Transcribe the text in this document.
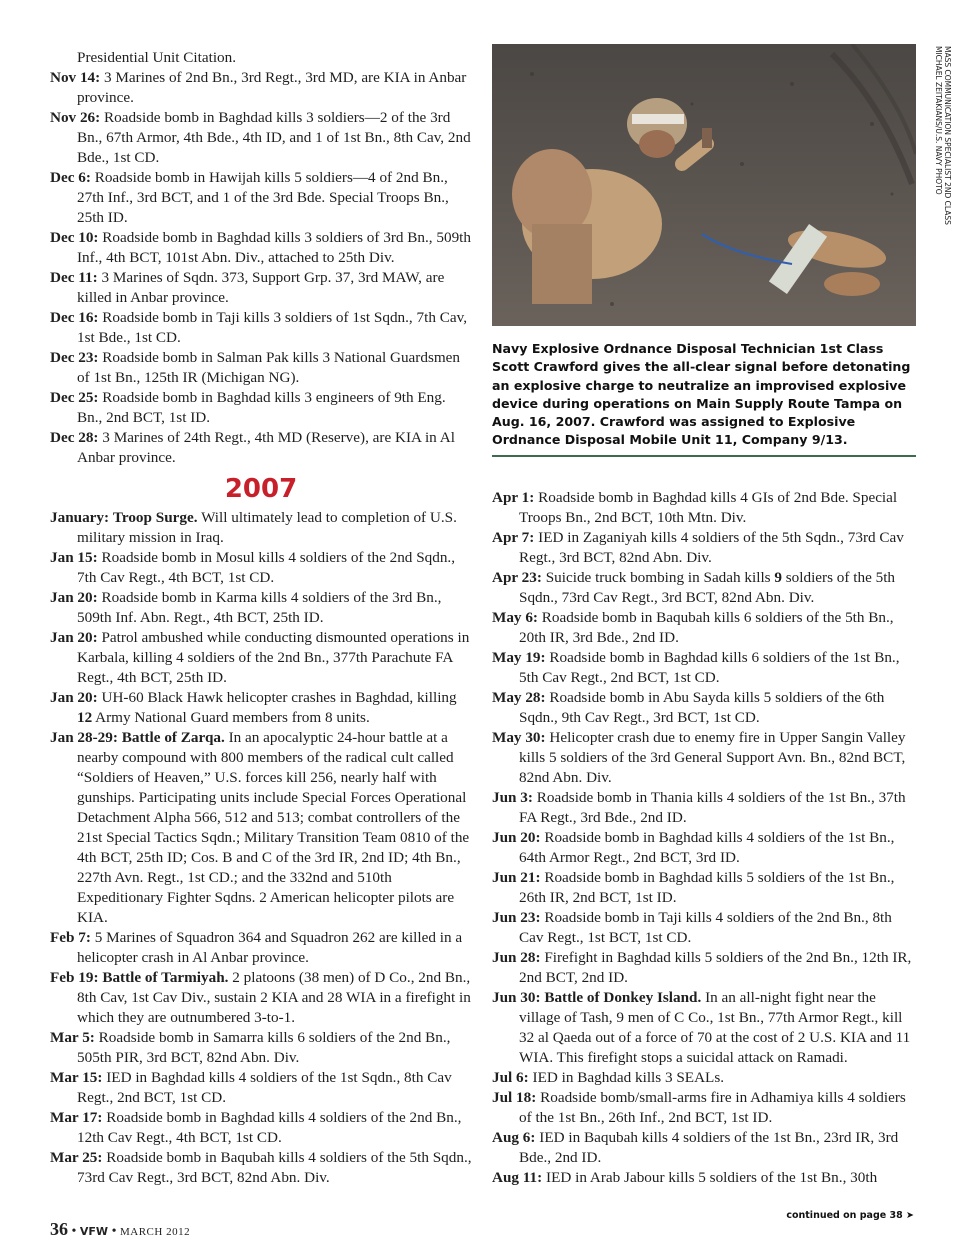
Presidential Unit Citation.
Nov 14: 3 Marines of 2nd Bn., 3rd Regt., 3rd MD, are KIA in Anbar province.
Nov 26: Roadside bomb in Baghdad kills 3 soldiers—2 of the 3rd Bn., 67th Armor, 4th Bde., 4th ID, and 1 of 1st Bn., 8th Cav, 2nd Bde., 1st CD.
Dec 6: Roadside bomb in Hawijah kills 5 soldiers—4 of 2nd Bn., 27th Inf., 3rd BCT, and 1 of the 3rd Bde. Special Troops Bn., 25th ID.
Dec 10: Roadside bomb in Baghdad kills 3 soldiers of 3rd Bn., 509th Inf., 4th BCT, 101st Abn. Div., attached to 25th Div.
Dec 11: 3 Marines of Sqdn. 373, Support Grp. 37, 3rd MAW, are killed in Anbar province.
Dec 16: Roadside bomb in Taji kills 3 soldiers of 1st Sqdn., 7th Cav, 1st Bde., 1st CD.
Dec 23: Roadside bomb in Salman Pak kills 3 National Guardsmen of 1st Bn., 125th IR (Michigan NG).
Dec 25: Roadside bomb in Baghdad kills 3 engineers of 9th Eng. Bn., 2nd BCT, 1st ID.
Dec 28: 3 Marines of 24th Regt., 4th MD (Reserve), are KIA in Al Anbar province.
2007
January: Troop Surge. Will ultimately lead to completion of U.S. military mission in Iraq.
Jan 15: Roadside bomb in Mosul kills 4 soldiers of the 2nd Sqdn., 7th Cav Regt., 4th BCT, 1st CD.
Jan 20: Roadside bomb in Karma kills 4 soldiers of the 3rd Bn., 509th Inf. Abn. Regt., 4th BCT, 25th ID.
Jan 20: Patrol ambushed while conducting dismounted operations in Karbala, killing 4 soldiers of the 2nd Bn., 377th Parachute FA Regt., 4th BCT, 25th ID.
Jan 20: UH-60 Black Hawk helicopter crashes in Baghdad, killing 12 Army National Guard members from 8 units.
Jan 28-29: Battle of Zarqa. In an apocalyptic 24-hour battle at a nearby compound with 800 members of the radical cult called “Soldiers of Heaven,” U.S. forces kill 256, nearly half with gunships. Participating units include Special Forces Operational Detachment Alpha 566, 512 and 513; combat controllers of the 21st Special Tactics Sqdn.; Military Transition Team 0810 of the 4th BCT, 25th ID; Cos. B and C of the 3rd IR, 2nd ID; 4th Bn., 227th Avn. Regt., 1st CD.; and the 332nd and 510th Expeditionary Fighter Sqdns. 2 American helicopter pilots are KIA.
Feb 7: 5 Marines of Squadron 364 and Squadron 262 are killed in a helicopter crash in Al Anbar province.
Feb 19: Battle of Tarmiyah. 2 platoons (38 men) of D Co., 2nd Bn., 8th Cav, 1st Cav Div., sustain 2 KIA and 28 WIA in a firefight in which they are outnumbered 3-to-1.
Mar 5: Roadside bomb in Samarra kills 6 soldiers of the 2nd Bn., 505th PIR, 3rd BCT, 82nd Abn. Div.
Mar 15: IED in Baghdad kills 4 soldiers of the 1st Sqdn., 8th Cav Regt., 2nd BCT, 1st CD.
Mar 17: Roadside bomb in Baghdad kills 4 soldiers of the 2nd Bn., 12th Cav Regt., 4th BCT, 1st CD.
Mar 25: Roadside bomb in Baqubah kills 4 soldiers of the 5th Sqdn., 73rd Cav Regt., 3rd BCT, 82nd Abn. Div.
MASS COMMUNICATION SPECIALIST 2ND CLASS
MICHAEL ZEITAKIANS/U.S. NAVY PHOTO
Navy Explosive Ordnance Disposal Technician 1st Class Scott Crawford gives the all-clear signal before detonating an explosive charge to neutralize an improvised explosive device during operations on Main Supply Route Tampa on Aug. 16, 2007. Crawford was assigned to Explosive Ordnance Disposal Mobile Unit 11, Company 9/13.
Apr 1: Roadside bomb in Baghdad kills 4 GIs of 2nd Bde. Special Troops Bn., 2nd BCT, 10th Mtn. Div.
Apr 7: IED in Zaganiyah kills 4 soldiers of the 5th Sqdn., 73rd Cav Regt., 3rd BCT, 82nd Abn. Div.
Apr 23: Suicide truck bombing in Sadah kills 9 soldiers of the 5th Sqdn., 73rd Cav Regt., 3rd BCT, 82nd Abn. Div.
May 6: Roadside bomb in Baqubah kills 6 soldiers of the 5th Bn., 20th IR, 3rd Bde., 2nd ID.
May 19: Roadside bomb in Baghdad kills 6 soldiers of the 1st Bn., 5th Cav Regt., 2nd BCT, 1st CD.
May 28: Roadside bomb in Abu Sayda kills 5 soldiers of the 6th Sqdn., 9th Cav Regt., 3rd BCT, 1st CD.
May 30: Helicopter crash due to enemy fire in Upper Sangin Valley kills 5 soldiers of the 3rd General Support Avn. Bn., 82nd BCT, 82nd Abn. Div.
Jun 3: Roadside bomb in Thania kills 4 soldiers of the 1st Bn., 37th FA Regt., 3rd Bde., 2nd ID.
Jun 20: Roadside bomb in Baghdad kills 4 soldiers of the 1st Bn., 64th Armor Regt., 2nd BCT, 3rd ID.
Jun 21: Roadside bomb in Baghdad kills 5 soldiers of the 1st Bn., 26th IR, 2nd BCT, 1st ID.
Jun 23: Roadside bomb in Taji kills 4 soldiers of the 2nd Bn., 8th Cav Regt., 1st BCT, 1st CD.
Jun 28: Firefight in Baghdad kills 5 soldiers of the 2nd Bn., 12th IR, 2nd BCT, 2nd ID.
Jun 30: Battle of Donkey Island. In an all-night fight near the village of Tash, 9 men of C Co., 1st Bn., 77th Armor Regt., kill 32 al Qaeda out of a force of 70 at the cost of 2 U.S. KIA and 11 WIA. This firefight stops a suicidal attack on Ramadi.
Jul 6: IED in Baghdad kills 3 SEALs.
Jul 18: Roadside bomb/small-arms fire in Adhamiya kills 4 soldiers of the 1st Bn., 26th Inf., 2nd BCT, 1st ID.
Aug 6: IED in Baqubah kills 4 soldiers of the 1st Bn., 23rd IR, 3rd Bde., 2nd ID.
Aug 11: IED in Arab Jabour kills 5 soldiers of the 1st Bn., 30th
continued on page 38 ➤
36 • VFW • MARCH 2012
